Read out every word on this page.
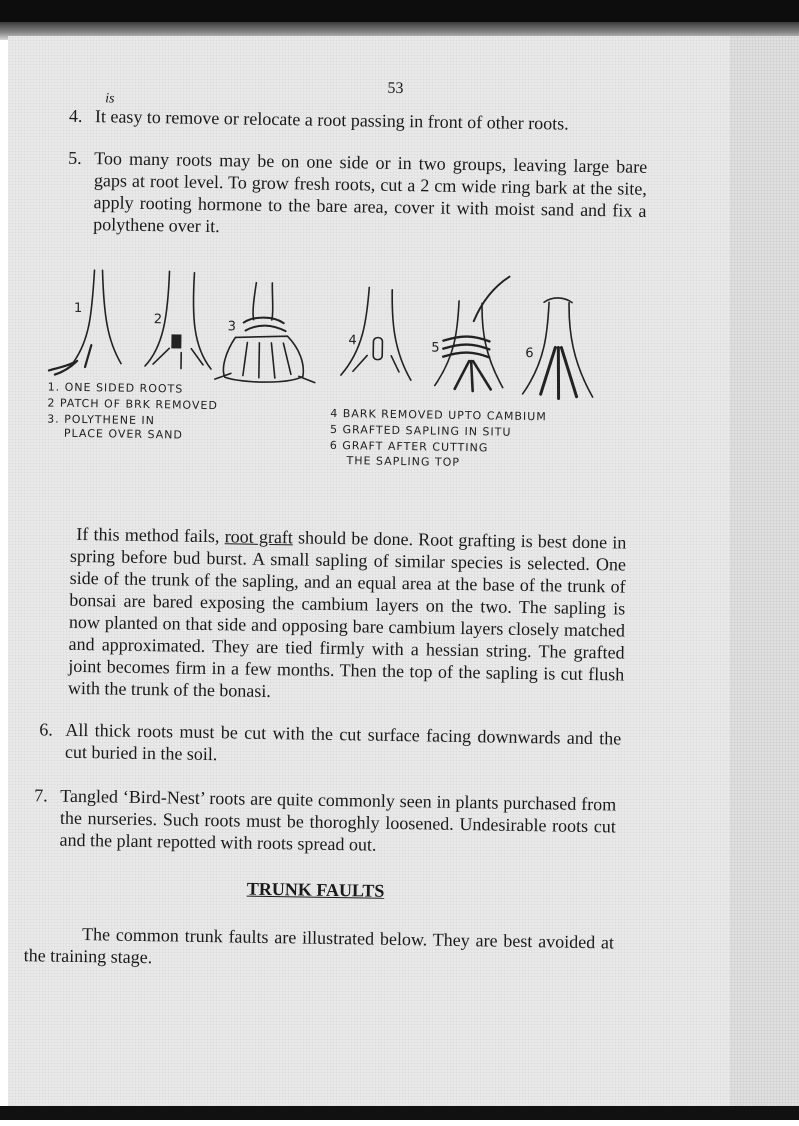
53
is
4. It easy to remove or relocate a root passing in front of other roots.
5. Too many roots may be on one side or in two groups, leaving large bare gaps at root level. To grow fresh roots, cut a 2 cm wide ring bark at the site, apply rooting hormone to the bare area, cover it with moist sand and fix a polythene over it.
1
2	3
4	5	6
1. ONE SIDED ROOTS
2 PATCH OF BRK REMOVED
3. POLYTHENE IN
PLACE OVER SAND
4 BARK REMOVED UPTO CAMBIUM
5 GRAFTED SAPLING IN SITU
6 GRAFT AFTER CUTTING
THE SAPLING TOP
If this method fails, root graft should be done. Root grafting is best done in spring before bud burst. A small sapling of similar species is selected. One side of the trunk of the sapling, and an equal area at the base of the trunk of bonsai are bared exposing the cambium layers on the two. The sapling is now planted on that side and opposing bare cambium layers closely matched and approximated. They are tied firmly with a hessian string. The grafted joint becomes firm in a few months. Then the top of the sapling is cut flush with the trunk of the bonasi.
6. All thick roots must be cut with the cut surface facing downwards and the cut buried in the soil.
7. Tangled ‘Bird-Nest’ roots are quite commonly seen in plants purchased from the nurseries. Such roots must be thoroghly loosened. Undesirable roots cut and the plant repotted with roots spread out.
TRUNK FAULTS
The common trunk faults are illustrated below. They are best avoided at the training stage.
